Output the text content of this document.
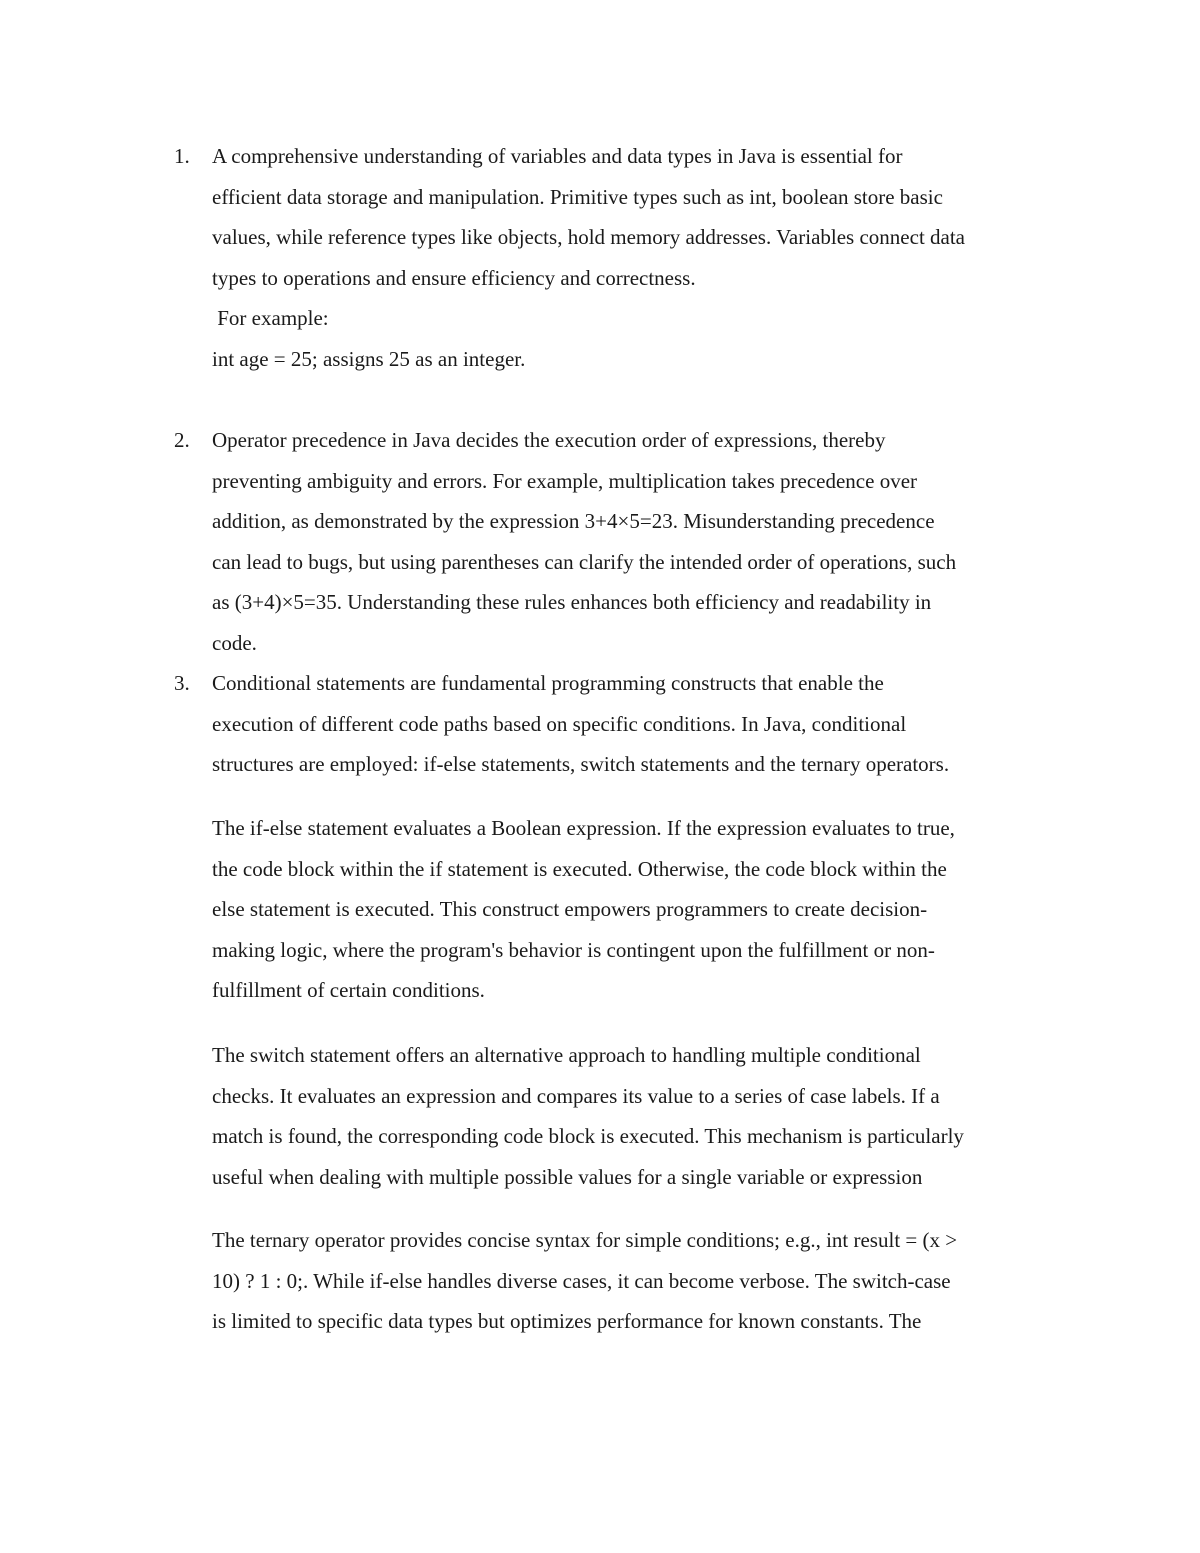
1.	A comprehensive understanding of variables and data types in Java is essential for
efficient data storage and manipulation. Primitive types such as int, boolean store basic
values, while reference types like objects, hold memory addresses. Variables connect data
types to operations and ensure efficiency and correctness.
For example:
int age = 25; assigns 25 as an integer.
2.	Operator precedence in Java decides the execution order of expressions, thereby
preventing ambiguity and errors. For example, multiplication takes precedence over
addition, as demonstrated by the expression 3+4×5=23. Misunderstanding precedence
can lead to bugs, but using parentheses can clarify the intended order of operations, such
as (3+4)×5=35. Understanding these rules enhances both efficiency and readability in
code.
3.	Conditional statements are fundamental programming constructs that enable the
execution of different code paths based on specific conditions. In Java, conditional
structures are employed: if-else statements, switch statements and the ternary operators.
The if-else statement evaluates a Boolean expression. If the expression evaluates to true,
the code block within the if statement is executed. Otherwise, the code block within the
else statement is executed. This construct empowers programmers to create decision-
making logic, where the program's behavior is contingent upon the fulfillment or non-
fulfillment of certain conditions.
The switch statement offers an alternative approach to handling multiple conditional
checks. It evaluates an expression and compares its value to a series of case labels. If a
match is found, the corresponding code block is executed. This mechanism is particularly
useful when dealing with multiple possible values for a single variable or expression
The ternary operator provides concise syntax for simple conditions; e.g., int result = (x >
10) ? 1 : 0;. While if-else handles diverse cases, it can become verbose. The switch-case
is limited to specific data types but optimizes performance for known constants. The
